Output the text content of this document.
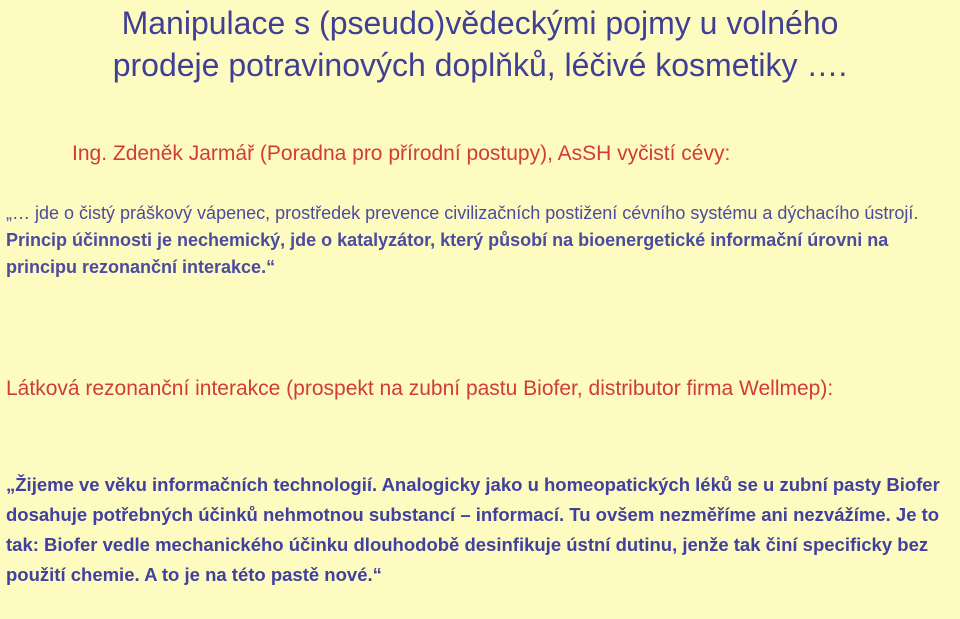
Manipulace s (pseudo)vědeckými pojmy u volného
prodeje potravinových doplňků, léčivé kosmetiky ….

Ing. Zdeněk Jarmář (Poradna pro přírodní postupy), AsSH vyčistí cévy:

„… jde o čistý práškový vápenec, prostředek prevence civilizačních postižení cévního systému a dýchacího ústrojí. Princip účinnosti je nechemický, jde o katalyzátor, který působí na bioenergetické informační úrovni na principu rezonanční interakce.“

Látková rezonanční interakce (prospekt na zubní pastu Biofer, distributor firma Wellmep):

„Žijeme ve věku informačních technologií. Analogicky jako u homeopatických léků se u zubní pasty Biofer dosahuje potřebných účinků nehmotnou substancí – informací. Tu ovšem nezměříme ani nezvážíme. Je to tak: Biofer vedle mechanického účinku dlouhodobě desinfikuje ústní dutinu, jenže tak činí specificky bez použití chemie. A to je na této pastě nové.“
